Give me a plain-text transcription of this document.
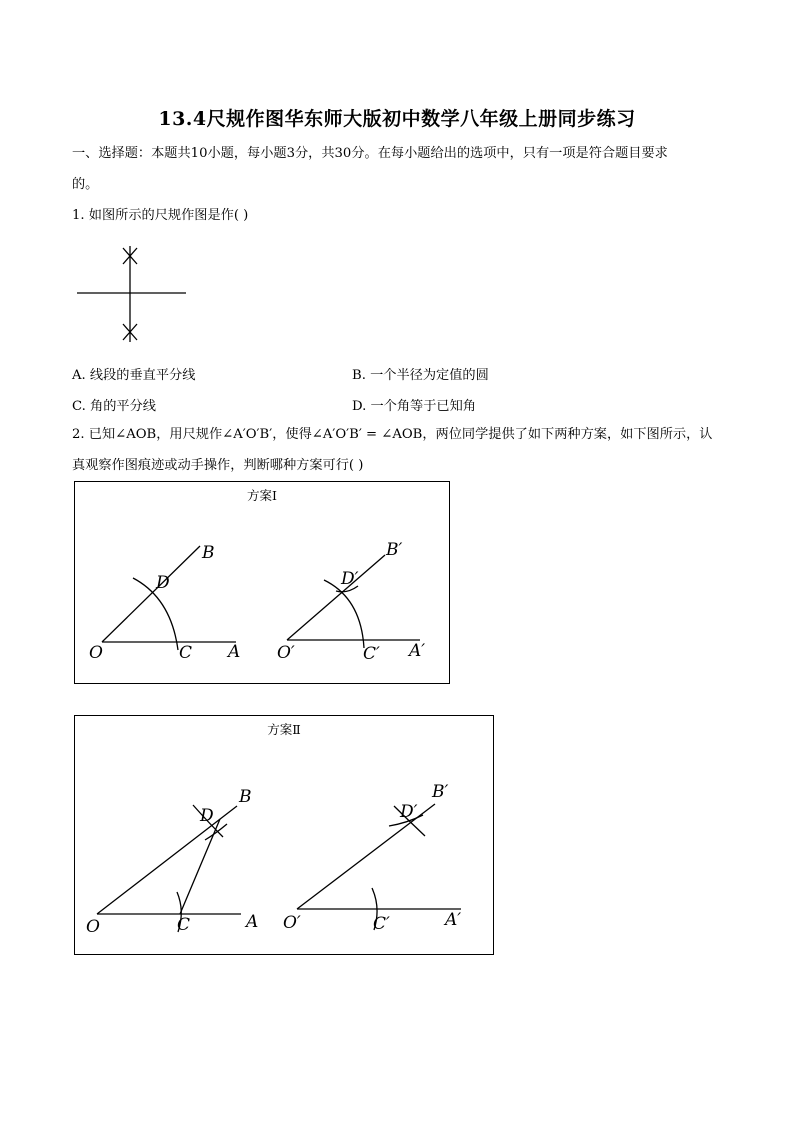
13.4尺规作图华东师大版初中数学八年级上册同步练习
一、选择题：本题共10小题，每小题3分，共30分。在每小题给出的选项中，只有一项是符合题目要求
的。
1. 如图所示的尺规作图是作( )
A. 线段的垂直平分线	B. 一个半径为定值的圆
C. 角的平分线	D. 一个角等于已知角
2. 已知∠AOB，用尺规作∠A′O′B′，使得∠A′O′B′ = ∠AOB，两位同学提供了如下两种方案，如下图所示，认
真观察作图痕迹或动手操作，判断哪种方案可行( )
方案Ⅰ
O	C A
D
B
O′	C′ A′
D′
B′
方案Ⅱ
O	C	A
D
B
O′	C′	A′
D′
B′
